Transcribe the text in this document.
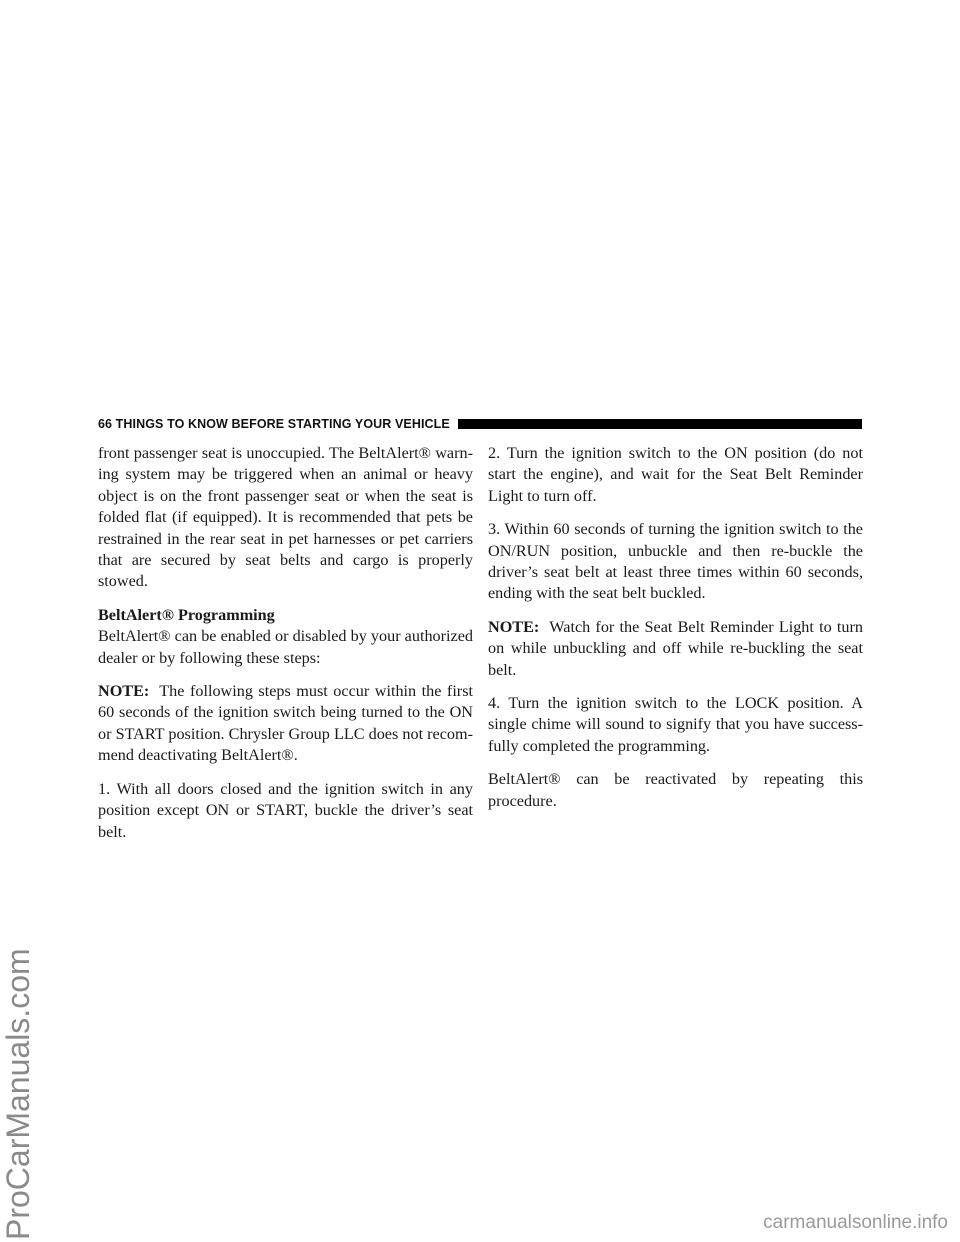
ProCarManuals.com
66 THINGS TO KNOW BEFORE STARTING YOUR VEHICLE

front passenger seat is unoccupied. The BeltAlert® warn-ing system may be triggered when an animal or heavy object is on the front passenger seat or when the seat is folded flat (if equipped). It is recommended that pets be restrained in the rear seat in pet harnesses or pet carriers that are secured by seat belts and cargo is properly stowed.

BeltAlert® Programming

BeltAlert® can be enabled or disabled by your authorized dealer or by following these steps:

NOTE: The following steps must occur within the first 60 seconds of the ignition switch being turned to the ON or START position. Chrysler Group LLC does not recom-mend deactivating BeltAlert®.

1. With all doors closed and the ignition switch in any position except ON or START, buckle the driver’s seat belt.

2. Turn the ignition switch to the ON position (do not start the engine), and wait for the Seat Belt Reminder Light to turn off.

3. Within 60 seconds of turning the ignition switch to the ON/RUN position, unbuckle and then re-buckle the driver’s seat belt at least three times within 60 seconds, ending with the seat belt buckled.

NOTE: Watch for the Seat Belt Reminder Light to turn on while unbuckling and off while re-buckling the seat belt.

4. Turn the ignition switch to the LOCK position. A single chime will sound to signify that you have success-fully completed the programming.

BeltAlert® can be reactivated by repeating this procedure.

carmanualsonline.info
